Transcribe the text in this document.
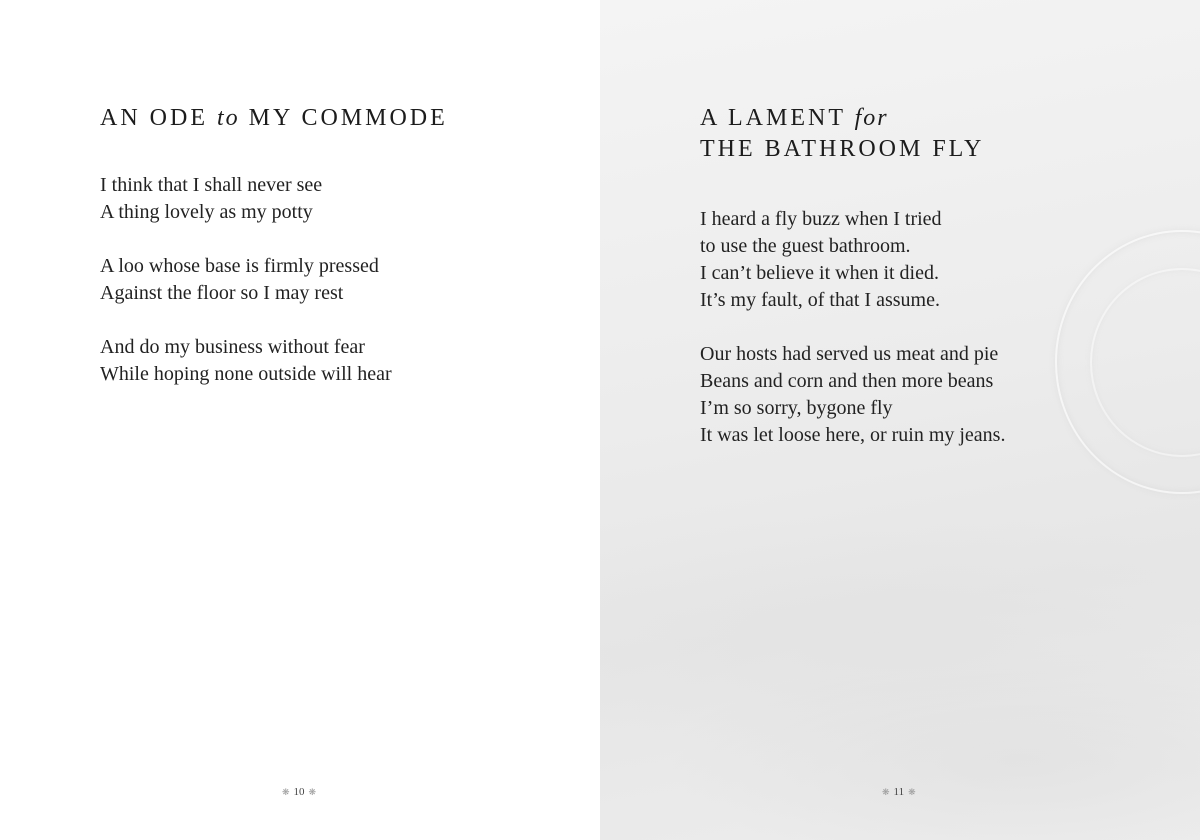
AN ODE to MY COMMODE

I think that I shall never see
A thing lovely as my potty

A loo whose base is firmly pressed
Against the floor so I may rest

And do my business without fear
While hoping none outside will hear

❋ 10 ❋
A LAMENT for
THE BATHROOM FLY

I heard a fly buzz when I tried
to use the guest bathroom.
I can’t believe it when it died.
It’s my fault, of that I assume.

Our hosts had served us meat and pie
Beans and corn and then more beans
I’m so sorry, bygone fly
It was let loose here, or ruin my jeans.

❋ 11 ❋
